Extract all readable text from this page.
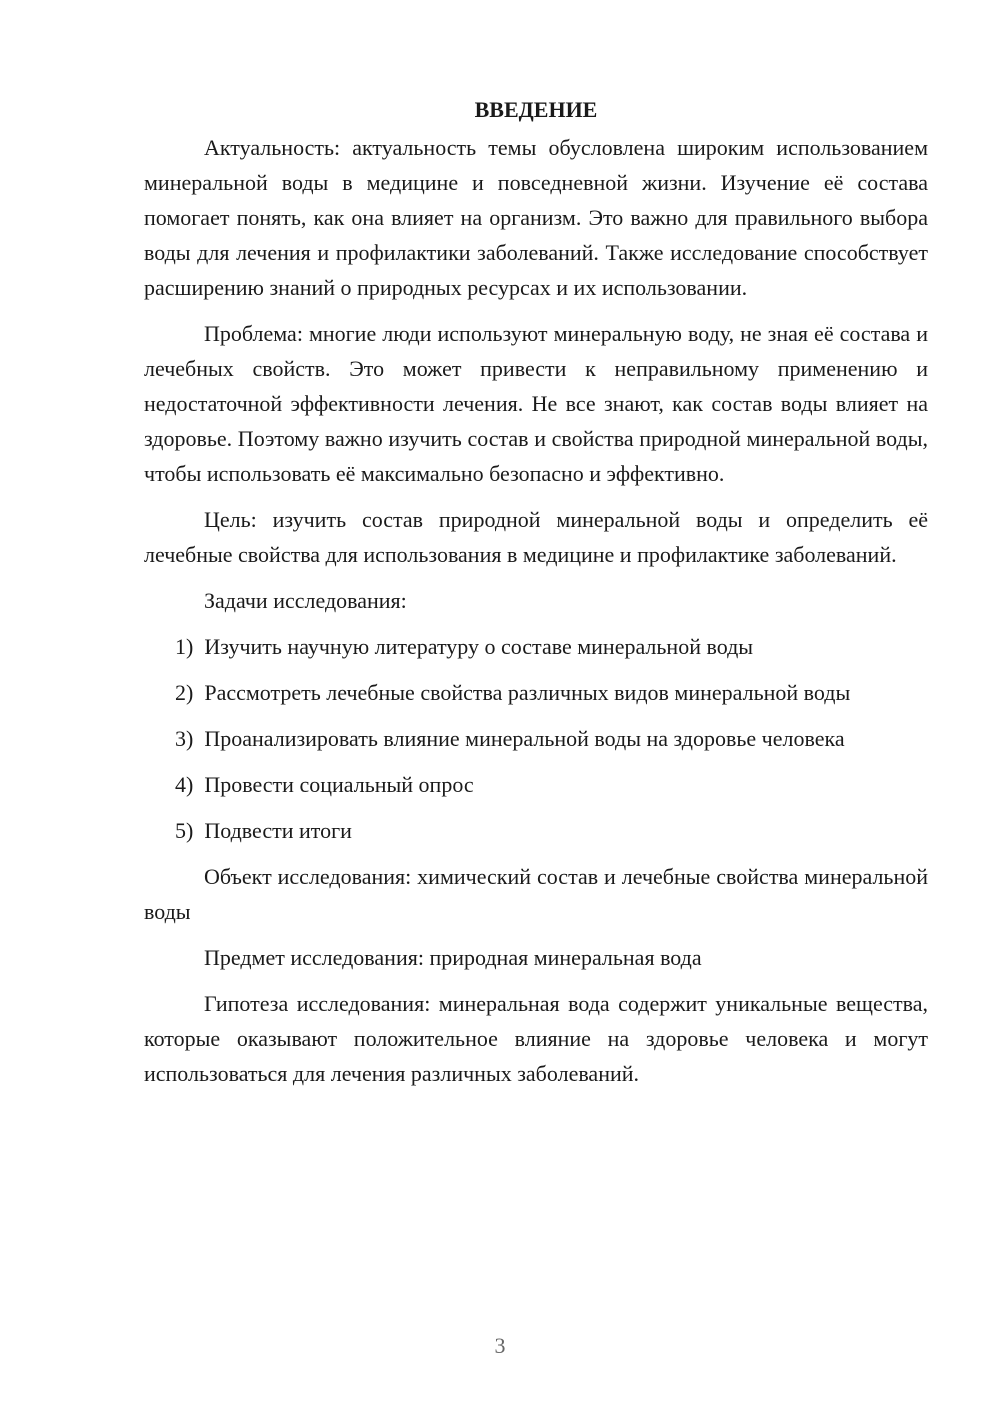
ВВЕДЕНИЕ

Актуальность: актуальность темы обусловлена широким использованием минеральной воды в медицине и повседневной жизни. Изучение её состава помогает понять, как она влияет на организм. Это важно для правильного выбора воды для лечения и профилактики заболеваний. Также исследование способствует расширению знаний о природных ресурсах и их использовании.

Проблема: многие люди используют минеральную воду, не зная её состава и лечебных свойств. Это может привести к неправильному применению и недостаточной эффективности лечения. Не все знают, как состав воды влияет на здоровье. Поэтому важно изучить состав и свойства природной минеральной воды, чтобы использовать её максимально безопасно и эффективно.

Цель: изучить состав природной минеральной воды и определить её лечебные свойства для использования в медицине и профилактике заболеваний.

Задачи исследования:

1) Изучить научную литературу о составе минеральной воды
2) Рассмотреть лечебные свойства различных видов минеральной воды
3) Проанализировать влияние минеральной воды на здоровье человека
4) Провести социальный опрос
5) Подвести итоги

Объект исследования: химический состав и лечебные свойства минеральной воды

Предмет исследования: природная минеральная вода

Гипотеза исследования: минеральная вода содержит уникальные вещества, которые оказывают положительное влияние на здоровье человека и могут использоваться для лечения различных заболеваний.

3
